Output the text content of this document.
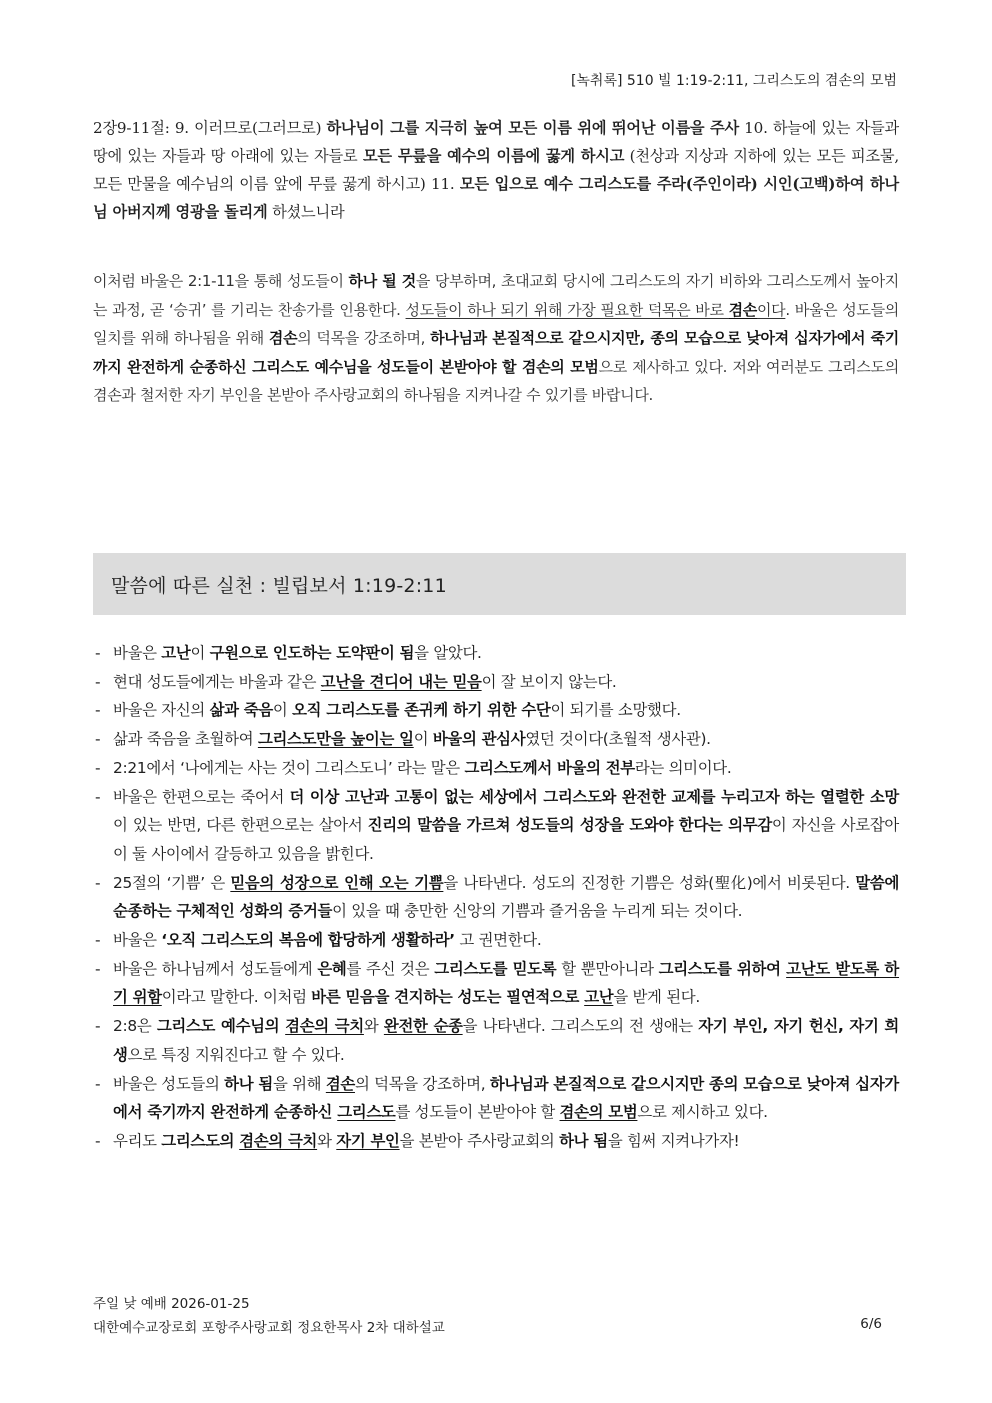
[녹취록] 510 빌 1:19-2:11, 그리스도의 겸손의 모범
2장9-11절: 9. 이러므로(그러므로) 하나님이 그를 지극히 높여 모든 이름 위에 뛰어난 이름을 주사 10. 하늘에 있는 자들과 땅에 있는 자들과 땅 아래에 있는 자들로 모든 무릎을 예수의 이름에 꿇게 하시고 (천상과 지상과 지하에 있는 모든 피조물, 모든 만물을 예수님의 이름 앞에 무릎 꿇게 하시고) 11. 모든 입으로 예수 그리스도를 주라(주인이라) 시인(고백)하여 하나님 아버지께 영광을 돌리게 하셨느니라
이처럼 바울은 2:1-11을 통해 성도들이 하나 될 것을 당부하며, 초대교회 당시에 그리스도의 자기 비하와 그리스도께서 높아지는 과정, 곧 ‘승귀’ 를 기리는 찬송가를 인용한다. 성도들이 하나 되기 위해 가장 필요한 덕목은 바로 겸손이다. 바울은 성도들의 일치를 위해 하나됨을 위해 겸손의 덕목을 강조하며, 하나님과 본질적으로 같으시지만, 종의 모습으로 낮아져 십자가에서 죽기까지 완전하게 순종하신 그리스도 예수님을 성도들이 본받아야 할 겸손의 모범으로 제사하고 있다. 저와 여러분도 그리스도의 겸손과 철저한 자기 부인을 본받아 주사랑교회의 하나됨을 지켜나갈 수 있기를 바랍니다.
말씀에 따른 실천 : 빌립보서 1:19-2:11
- 바울은 고난이 구원으로 인도하는 도약판이 됨을 알았다.
- 현대 성도들에게는 바울과 같은 고난을 견디어 내는 믿음이 잘 보이지 않는다.
- 바울은 자신의 삶과 죽음이 오직 그리스도를 존귀케 하기 위한 수단이 되기를 소망했다.
- 삶과 죽음을 초월하여 그리스도만을 높이는 일이 바울의 관심사였던 것이다(초월적 생사관).
- 2:21에서 ‘나에게는 사는 것이 그리스도니’ 라는 말은 그리스도께서 바울의 전부라는 의미이다.
- 바울은 한편으로는 죽어서 더 이상 고난과 고통이 없는 세상에서 그리스도와 완전한 교제를 누리고자 하는 열렬한 소망이 있는 반면, 다른 한편으로는 살아서 진리의 말씀을 가르쳐 성도들의 성장을 도와야 한다는 의무감이 자신을 사로잡아 이 둘 사이에서 갈등하고 있음을 밝힌다.
- 25절의 ‘기쁨’ 은 믿음의 성장으로 인해 오는 기쁨을 나타낸다. 성도의 진정한 기쁨은 성화(聖化)에서 비롯된다. 말씀에 순종하는 구체적인 성화의 증거들이 있을 때 충만한 신앙의 기쁨과 즐거움을 누리게 되는 것이다.
- 바울은 ‘오직 그리스도의 복음에 합당하게 생활하라’ 고 권면한다.
- 바울은 하나님께서 성도들에게 은혜를 주신 것은 그리스도를 믿도록 할 뿐만아니라 그리스도를 위하여 고난도 받도록 하기 위함이라고 말한다. 이처럼 바른 믿음을 견지하는 성도는 필연적으로 고난을 받게 된다.
- 2:8은 그리스도 예수님의 겸손의 극치와 완전한 순종을 나타낸다. 그리스도의 전 생애는 자기 부인, 자기 헌신, 자기 희생으로 특징 지워진다고 할 수 있다.
- 바울은 성도들의 하나 됨을 위해 겸손의 덕목을 강조하며, 하나님과 본질적으로 같으시지만 종의 모습으로 낮아져 십자가에서 죽기까지 완전하게 순종하신 그리스도를 성도들이 본받아야 할 겸손의 모범으로 제시하고 있다.
- 우리도 그리스도의 겸손의 극치와 자기 부인을 본받아 주사랑교회의 하나 됨을 힘써 지켜나가자!
주일 낮 예배 2026-01-25
대한예수교장로회 포항주사랑교회 정요한목사 2차 대하설교	6/6
